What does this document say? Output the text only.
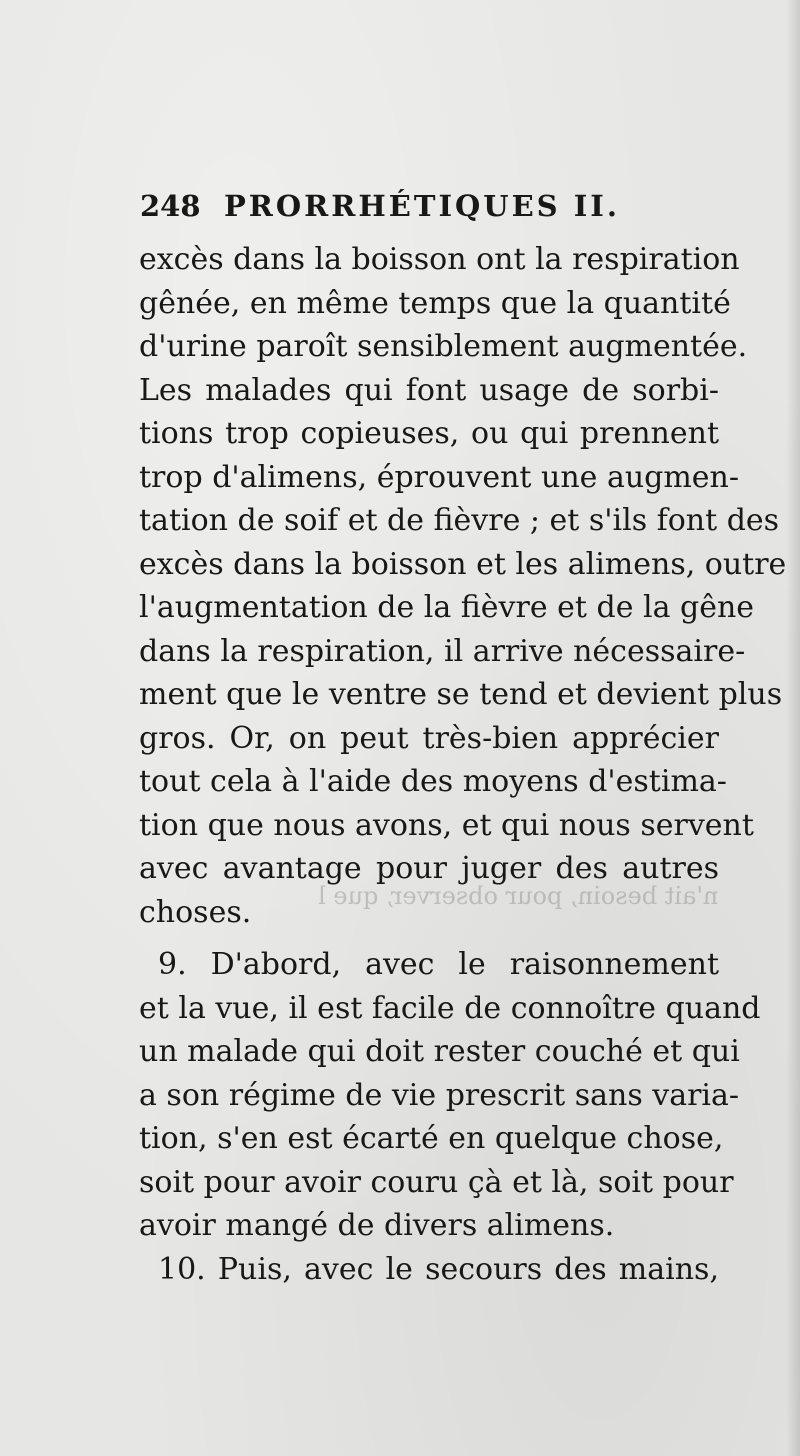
n'ait besoin, pour observer, que l
248 PRORRHÉTIQUES II.
excès dans la boisson ont la respiration
gênée, en même temps que la quantité
d'urine paroît sensiblement augmentée.
Les malades qui font usage de sorbi-
tions trop copieuses, ou qui prennent
trop d'alimens, éprouvent une augmen-
tation de soif et de fièvre ; et s'ils font des
excès dans la boisson et les alimens, outre
l'augmentation de la fièvre et de la gêne
dans la respiration, il arrive nécessaire-
ment que le ventre se tend et devient plus
gros. Or, on peut très-bien apprécier
tout cela à l'aide des moyens d'estima-
tion que nous avons, et qui nous servent
avec avantage pour juger des autres
choses.
9. D'abord, avec le raisonnement
et la vue, il est facile de connoître quand
un malade qui doit rester couché et qui
a son régime de vie prescrit sans varia-
tion, s'en est écarté en quelque chose,
soit pour avoir couru çà et là, soit pour
avoir mangé de divers alimens.
10. Puis, avec le secours des mains,
